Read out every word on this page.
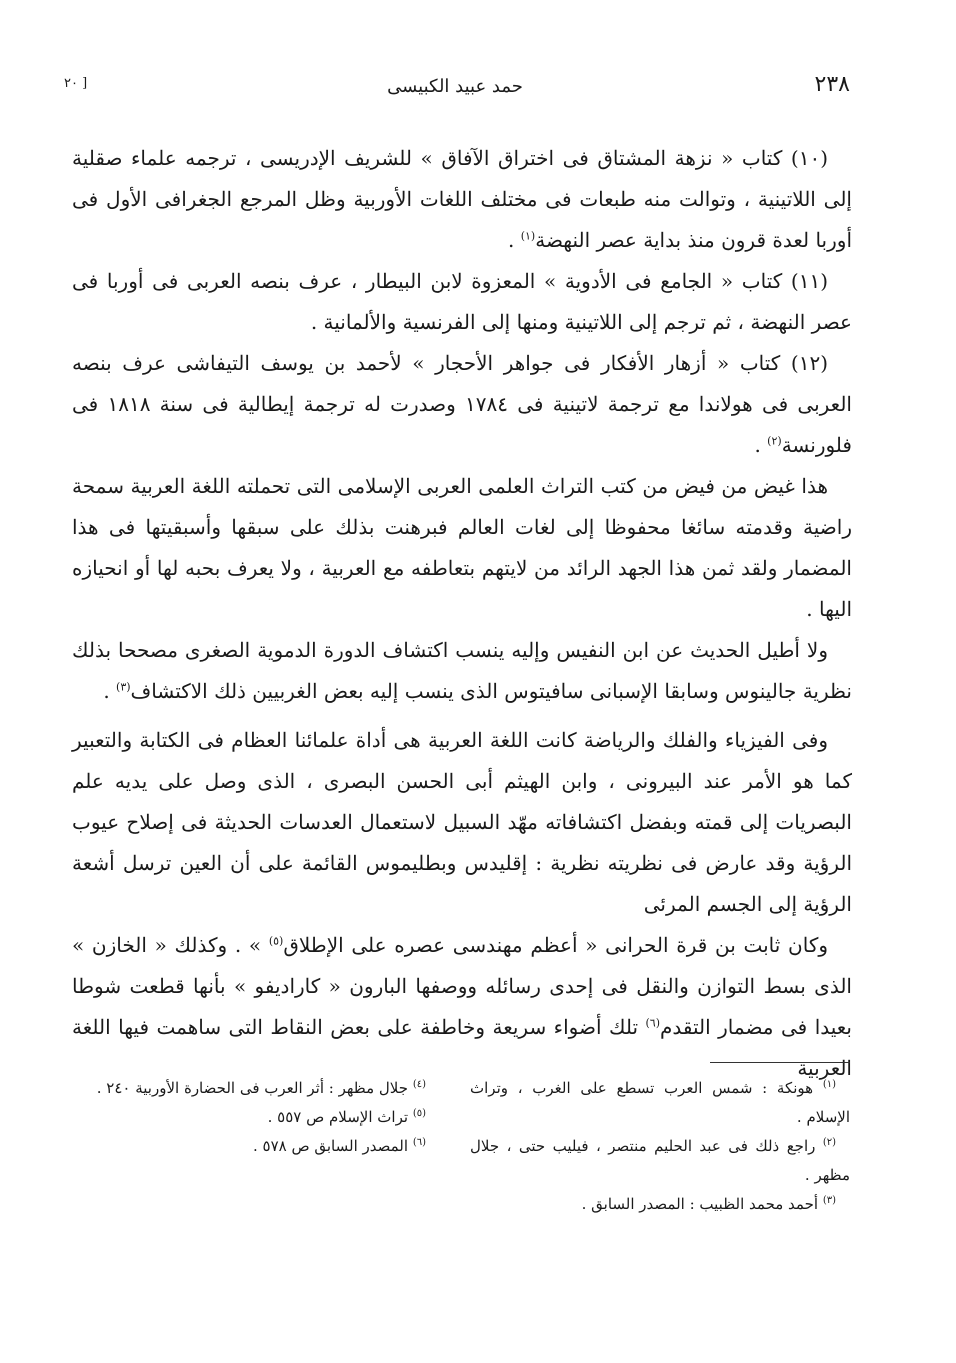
٢٣٨
حمد عبيد الكبيسى
[ ٢٠

(١٠) كتاب « نزهة المشتاق فى اختراق الآفاق » للشريف الإدريسى ، ترجمه علماء صقلية إلى اللاتينية ، وتوالت منه طبعات فى مختلف اللغات الأوربية وظل المرجع الجغرافى الأول فى أوربا لعدة قرون منذ بداية عصر النهضة$^{(١)}$ .

(١١) كتاب « الجامع فى الأدوية » المعزوة لابن البيطار ، عرف بنصه العربى فى أوربا فى عصر النهضة ، ثم ترجم إلى اللاتينية ومنها إلى الفرنسية والألمانية .

(١٢) كتاب « أزهار الأفكار فى جواهر الأحجار » لأحمد بن يوسف التيفاشى عرف بنصه العربى فى هولاندا مع ترجمة لاتينية فى ١٧٨٤ وصدرت له ترجمة إيطالية فى سنة ١٨١٨ فى فلورنسة$^{(٢)}$ .

هذا غيض من فيض من كتب التراث العلمى العربى الإسلامى التى تحملته اللغة العربية سمحة راضية وقدمته سائغا محفوظا إلى لغات العالم فبرهنت بذلك على سبقها وأسبقيتها فى هذا المضمار ولقد ثمن هذا الجهد الرائد من لايتهم بتعاطفه مع العربية ، ولا يعرف بحبه لها أو انحيازه اليها .

ولا أطيل الحديث عن ابن النفيس وإليه ينسب اكتشاف الدورة الدموية الصغرى مصححا بذلك نظرية جالينوس وسابقا الإسبانى سافيتوس الذى ينسب إليه بعض الغربيين ذلك الاكتشاف$^{(٣)}$ .

وفى الفيزياء والفلك والرياضة كانت اللغة العربية هى أداة علمائنا العظام فى الكتابة والتعبير كما هو الأمر عند البيرونى ، وابن الهيثم أبى الحسن البصرى ، الذى وصل على يديه علم البصريات إلى قمته وبفضل اكتشافاته مهّد السبيل لاستعمال العدسات الحديثة فى إصلاح عيوب الرؤية وقد عارض فى نظريته نظرية : إقليدس وبطليموس القائمة على أن العين ترسل أشعة الرؤية إلى الجسم المرئى

وكان ثابت بن قرة الحرانى « أعظم مهندسى عصره على الإطلاق$^{(٥)}$ » . وكذلك « الخازن » الذى بسط التوازن والنقل فى إحدى رسائله ووصفها البارون « كاراديفو » بأنها قطعت شوطا بعيدا فى مضمار التقدم$^{(٦)}$ تلك أضواء سريعة وخاطفة على بعض النقاط التى ساهمت فيها اللغة العربية

$^{(١)}$ هونكة : شمس العرب تسطع على الغرب ، وتراث الإسلام .

$^{(٢)}$ راجع ذلك فى عبد الحليم منتصر ، فيليب حتى ، جلال مظهر .

$^{(٣)}$ أحمد محمد الظبيب : المصدر السابق .

$^{(٤)}$ جلال مظهر : أثر العرب فى الحضارة الأوربية ٢٤٠ .

$^{(٥)}$ تراث الإسلام ص ٥٥٧ .

$^{(٦)}$ المصدر السابق ص ٥٧٨ .
